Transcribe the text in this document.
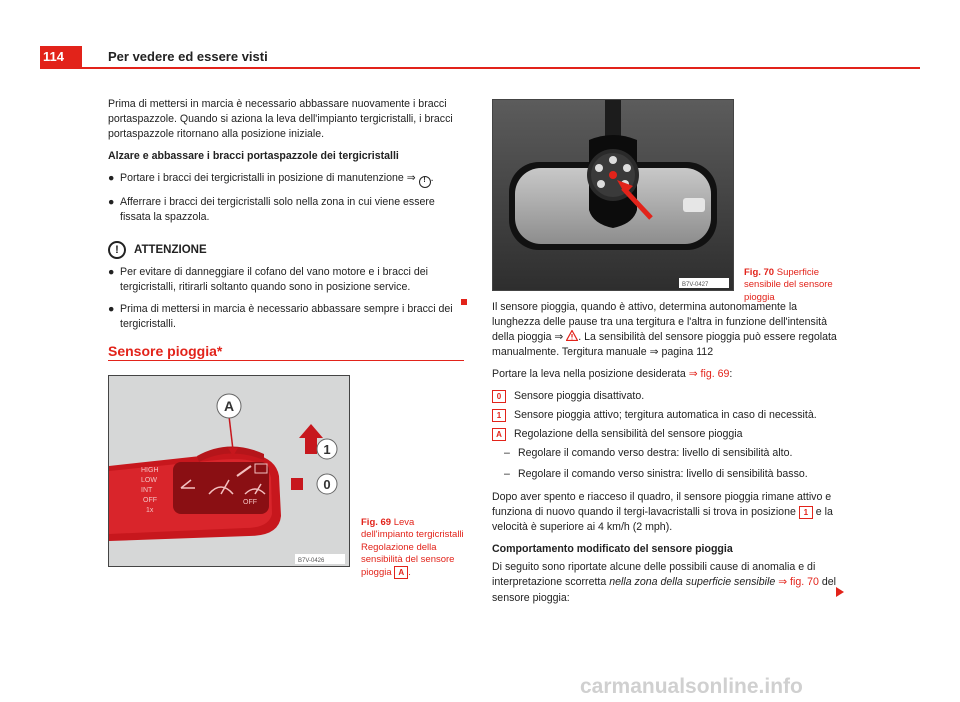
114	Per vedere ed essere visti

Prima di mettersi in marcia è necessario abbassare nuovamente i bracci portaspazzole. Quando si aziona la leva dell'impianto tergicristalli, i bracci portaspazzole ritornano alla posizione iniziale.

Alzare e abbassare i bracci portaspazzole dei tergicristalli

● Portare i bracci dei tergicristalli in posizione di manutenzione ⇒ ! .
● Afferrare i bracci dei tergicristalli solo nella zona in cui viene essere fissata la spazzola.
!	ATTENZIONE
● Per evitare di danneggiare il cofano del vano motore e i bracci dei tergicristalli, ritirarli soltanto quando sono in posizione service.
● Prima di mettersi in marcia è necessario abbassare sempre i bracci dei tergicristalli.
Sensore pioggia*
HIGH
LOW
INT
OFF
1x
OFF
A
1
0
B7V-0426
Fig. 69 Leva dell'impianto tergicristalli Regolazione della sensibilità del sensore pioggia A .
B7V-0427
Fig. 70 Superficie sensibile del sensore pioggia

Il sensore pioggia, quando è attivo, determina autonomamente la lunghezza delle pause tra una tergitura e l'altra in funzione dell'intensità della pioggia ⇒ . La sensibilità del sensore pioggia può essere regolata manualmente. Tergitura manuale ⇒ pagina 112

Portare la leva nella posizione desiderata ⇒ fig. 69:

0	Sensore pioggia disattivato.
1	Sensore pioggia attivo; tergitura automatica in caso di necessità.
A	Regolazione della sensibilità del sensore pioggia
– Regolare il comando verso destra: livello di sensibilità alto.
– Regolare il comando verso sinistra: livello di sensibilità basso.

Dopo aver spento e riacceso il quadro, il sensore pioggia rimane attivo e funziona di nuovo quando il tergi-lavacristalli si trova in posizione 1 e la velocità è superiore ai 4 km/h (2 mph).

Comportamento modificato del sensore pioggia

Di seguito sono riportate alcune delle possibili cause di anomalia e di interpretazione scorretta nella zona della superficie sensibile ⇒ fig. 70 del sensore pioggia:

carmanualsonline.info
